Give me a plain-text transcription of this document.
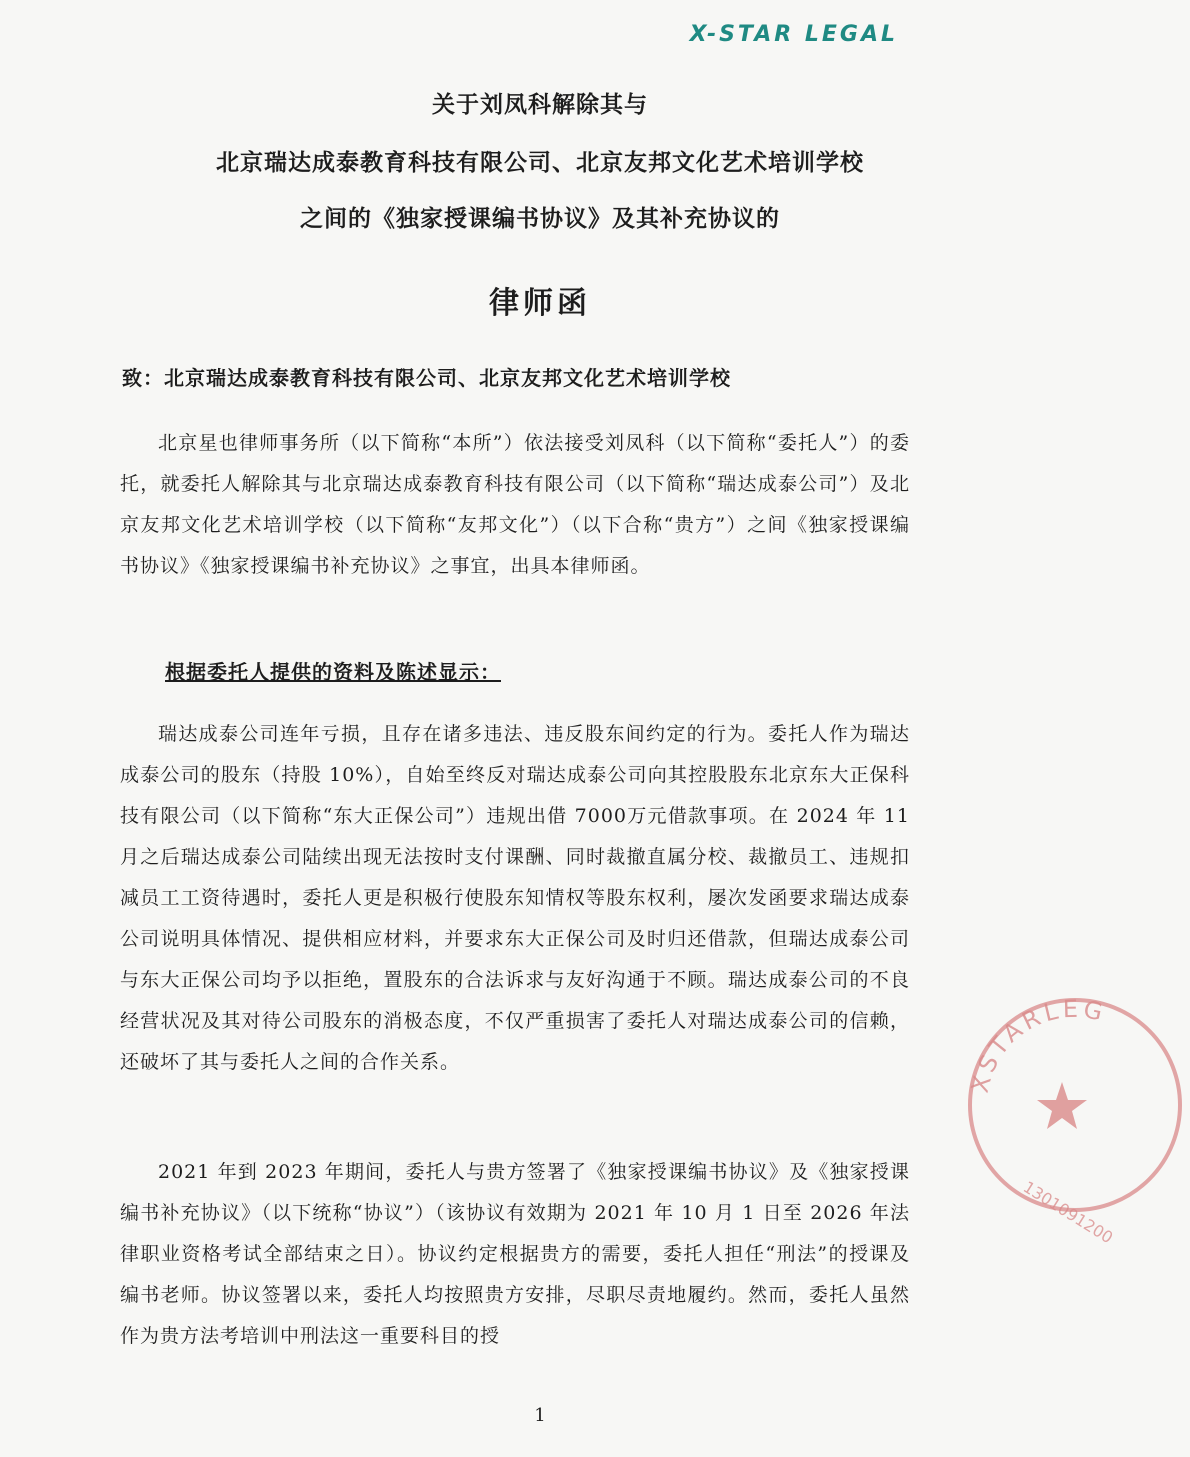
X-STAR LEGAL
关于刘凤科解除其与
北京瑞达成泰教育科技有限公司、北京友邦文化艺术培训学校
之间的《独家授课编书协议》及其补充协议的
律师函
致：北京瑞达成泰教育科技有限公司、北京友邦文化艺术培训学校
北京星也律师事务所（以下简称“本所”）依法接受刘凤科（以下简称“委托人”）的委托，就委托人解除其与北京瑞达成泰教育科技有限公司（以下简称“瑞达成泰公司”）及北京友邦文化艺术培训学校（以下简称“友邦文化”）（以下合称“贵方”）之间《独家授课编书协议》《独家授课编书补充协议》之事宜，出具本律师函。
根据委托人提供的资料及陈述显示：
瑞达成泰公司连年亏损，且存在诸多违法、违反股东间约定的行为。委托人作为瑞达成泰公司的股东（持股 10%），自始至终反对瑞达成泰公司向其控股股东北京东大正保科技有限公司（以下简称“东大正保公司”）违规出借 7000万元借款事项。在 2024 年 11 月之后瑞达成泰公司陆续出现无法按时支付课酬、同时裁撤直属分校、裁撤员工、违规扣减员工工资待遇时，委托人更是积极行使股东知情权等股东权利，屡次发函要求瑞达成泰公司说明具体情况、提供相应材料，并要求东大正保公司及时归还借款，但瑞达成泰公司与东大正保公司均予以拒绝，置股东的合法诉求与友好沟通于不顾。瑞达成泰公司的不良经营状况及其对待公司股东的消极态度，不仅严重损害了委托人对瑞达成泰公司的信赖，还破坏了其与委托人之间的合作关系。
2021 年到 2023 年期间，委托人与贵方签署了《独家授课编书协议》及《独家授课编书补充协议》（以下统称“协议”）（该协议有效期为 2021 年 10 月 1 日至 2026 年法律职业资格考试全部结束之日）。协议约定根据贵方的需要，委托人担任“刑法”的授课及编书老师。协议签署以来，委托人均按照贵方安排，尽职尽责地履约。然而，委托人虽然作为贵方法考培训中刑法这一重要科目的授
XSTARLEG
1301091200
1
